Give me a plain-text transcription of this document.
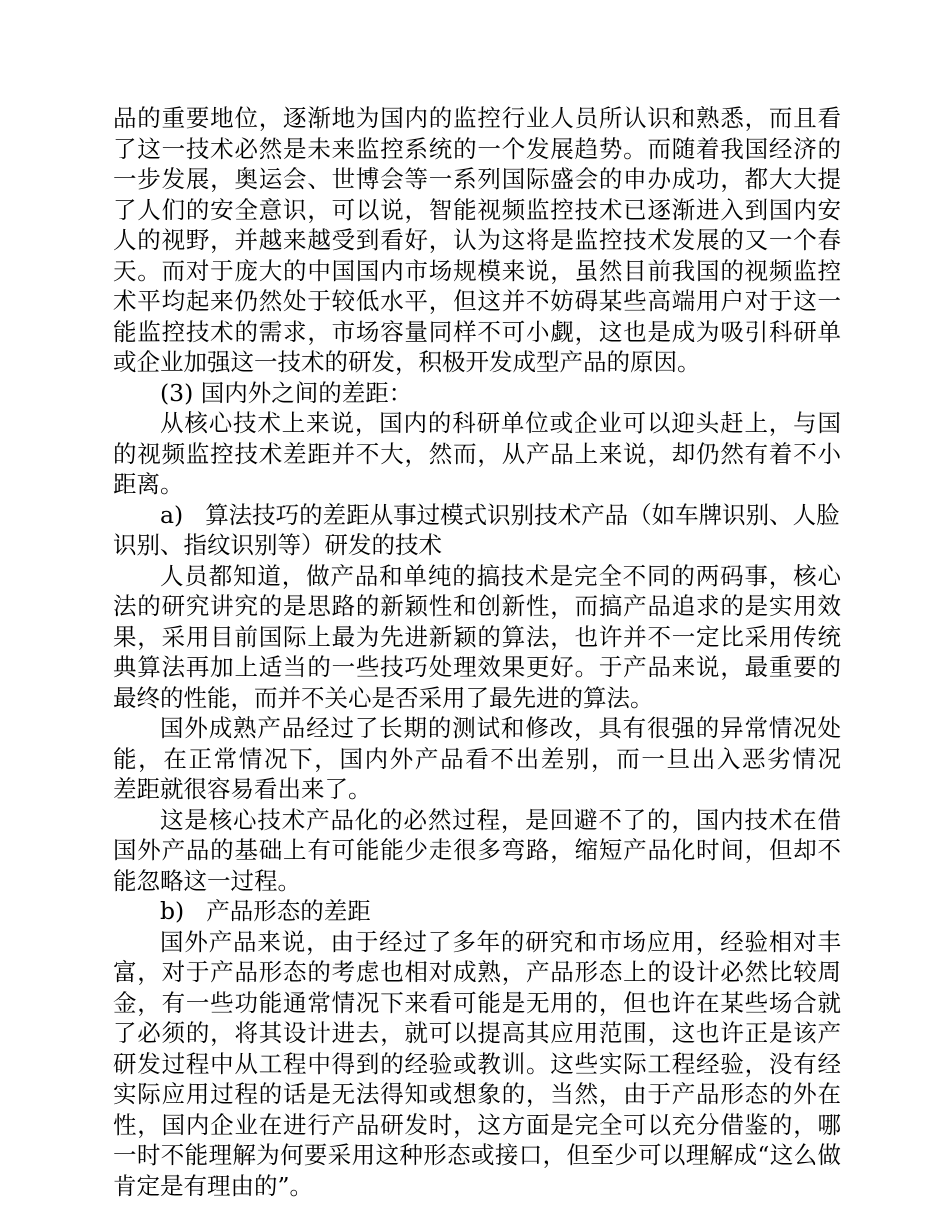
品的重要地位，逐渐地为国内的监控行业人员所认识和熟悉，而且看
了这一技术必然是未来监控系统的一个发展趋势。而随着我国经济的
一步发展，奥运会、世博会等一系列国际盛会的申办成功，都大大提
了人们的安全意识，可以说，智能视频监控技术已逐渐进入到国内安
人的视野，并越来越受到看好，认为这将是监控技术发展的又一个春
天。而对于庞大的中国国内市场规模来说，虽然目前我国的视频监控
术平均起来仍然处于较低水平，但这并不妨碍某些高端用户对于这一
能监控技术的需求，市场容量同样不可小觑，这也是成为吸引科研单
或企业加强这一技术的研发，积极开发成型产品的原因。
(3) 国内外之间的差距：
从核心技术上来说，国内的科研单位或企业可以迎头赶上，与国
的视频监控技术差距并不大，然而，从产品上来说，却仍然有着不小
距离。
a) 算法技巧的差距从事过模式识别技术产品（如车牌识别、人脸
识别、指纹识别等）研发的技术
人员都知道，做产品和单纯的搞技术是完全不同的两码事，核心
法的研究讲究的是思路的新颖性和创新性，而搞产品追求的是实用效
果，采用目前国际上最为先进新颖的算法，也许并不一定比采用传统
典算法再加上适当的一些技巧处理效果更好。于产品来说，最重要的
最终的性能，而并不关心是否采用了最先进的算法。
国外成熟产品经过了长期的测试和修改，具有很强的异常情况处
能，在正常情况下，国内外产品看不出差别，而一旦出入恶劣情况
差距就很容易看出来了。
这是核心技术产品化的必然过程，是回避不了的，国内技术在借
国外产品的基础上有可能能少走很多弯路，缩短产品化时间，但却不
能忽略这一过程。
b) 产品形态的差距
国外产品来说，由于经过了多年的研究和市场应用，经验相对丰
富，对于产品形态的考虑也相对成熟，产品形态上的设计必然比较周
金，有一些功能通常情况下来看可能是无用的，但也许在某些场合就
了必须的，将其设计进去，就可以提高其应用范围，这也许正是该产
研发过程中从工程中得到的经验或教训。这些实际工程经验，没有经
实际应用过程的话是无法得知或想象的，当然，由于产品形态的外在
性，国内企业在进行产品研发时，这方面是完全可以充分借鉴的，哪
一时不能理解为何要采用这种形态或接口，但至少可以理解成“这么做
肯定是有理由的”。
